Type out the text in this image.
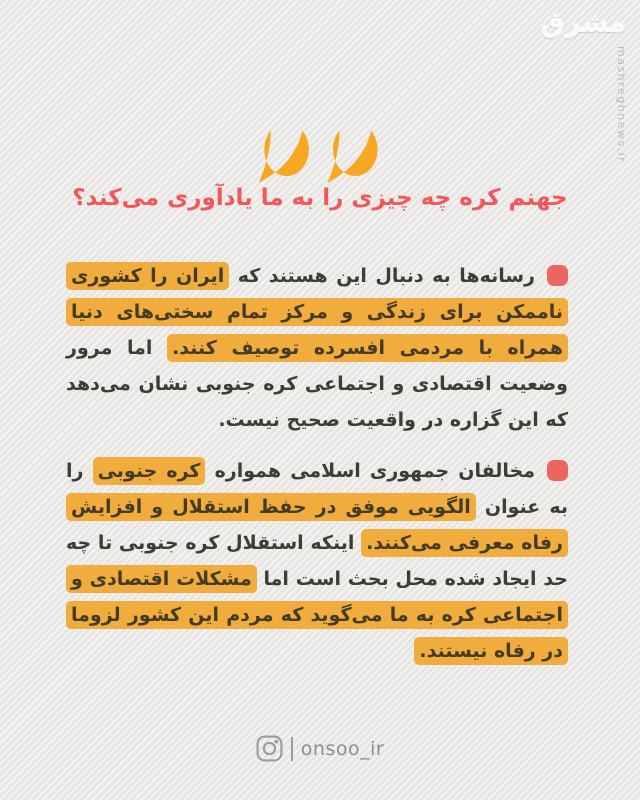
مشرق
mashreghnews.ir
جهنم کره چه چیزی را به ما یادآوری می‌کند؟

رسانه‌ها به دنبال این هستند که ایران را کشوری ناممکن برای زندگی و مرکز تمام سختی‌های دنیا همراه با مردمی افسرده توصیف کنند. اما مرور وضعیت اقتصادی و اجتماعی کره جنوبی نشان می‌دهد که این گزاره در واقعیت صحیح نیست.

مخالفان جمهوری اسلامی همواره کره جنوبی را به عنوان الگویی موفق در حفظ استقلال و افزایش رفاه معرفی می‌کنند. اینکه استقلال کره جنوبی تا چه حد ایجاد شده محل بحث است اما مشکلات اقتصادی و اجتماعی کره به ما می‌گوید که مردم این کشور لزوما در رفاه نیستند.

onsoo_ir
